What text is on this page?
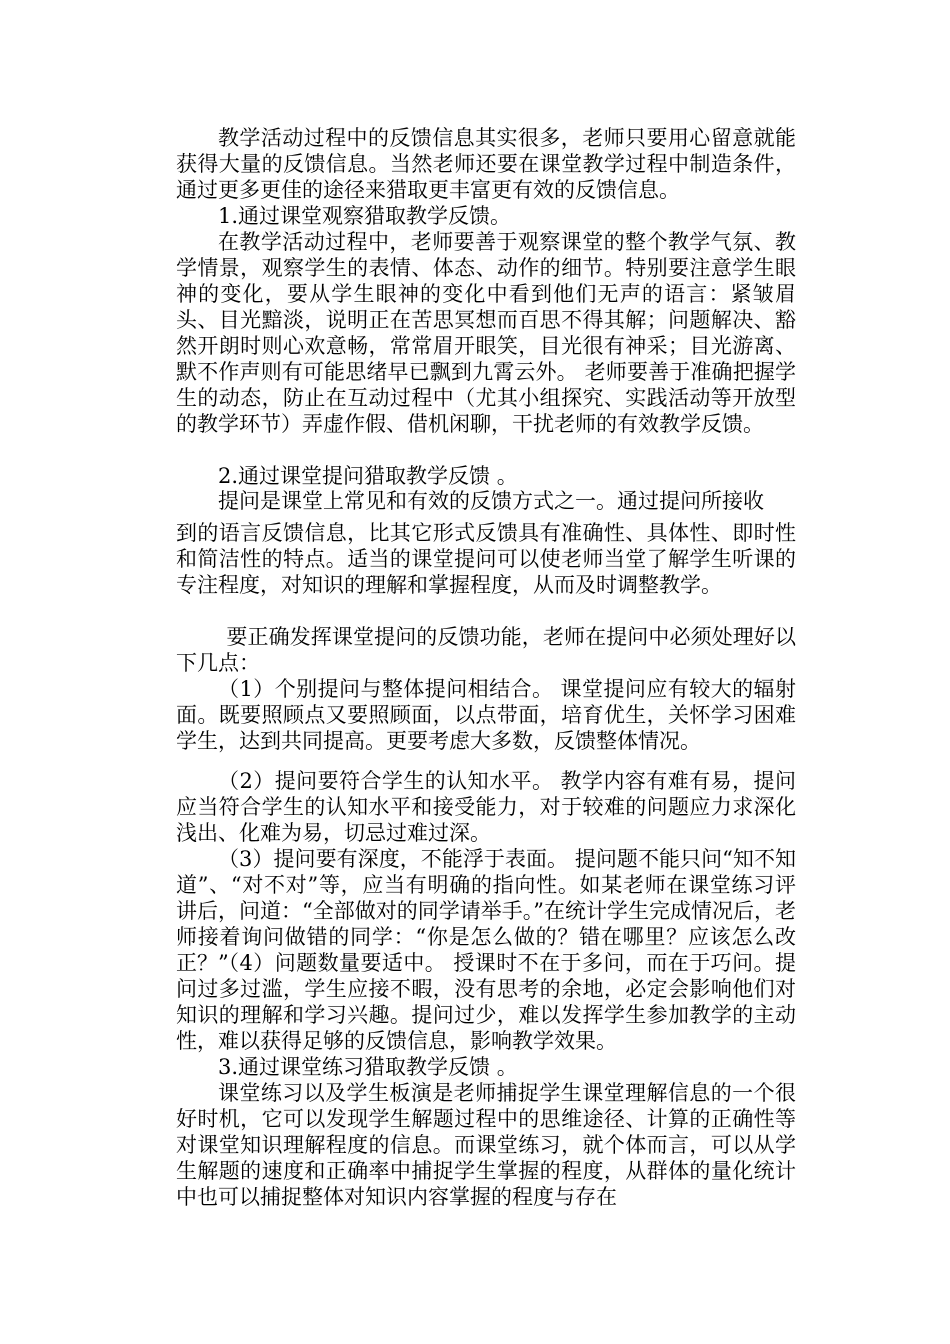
教学活动过程中的反馈信息其实很多，老师只要用心留意就能获得大量的反馈信息。当然老师还要在课堂教学过程中制造条件，通过更多更佳的途径来猎取更丰富更有效的反馈信息。

1.通过课堂观察猎取教学反馈。

在教学活动过程中，老师要善于观察课堂的整个教学气氛、教学情景，观察学生的表情、体态、动作的细节。特别要注意学生眼神的变化，要从学生眼神的变化中看到他们无声的语言：紧皱眉头、目光黯淡，说明正在苦思冥想而百思不得其解；问题解决、豁然开朗时则心欢意畅，常常眉开眼笑，目光很有神采；目光游离、默不作声则有可能思绪早已飘到九霄云外。 老师要善于准确把握学生的动态，防止在互动过程中（尤其小组探究、实践活动等开放型的教学环节）弄虚作假、借机闲聊，干扰老师的有效教学反馈。

2.通过课堂提问猎取教学反馈 。

提问是课堂上常见和有效的反馈方式之一。通过提问所接收

到的语言反馈信息，比其它形式反馈具有准确性、具体性、即时性和简洁性的特点。适当的课堂提问可以使老师当堂了解学生听课的专注程度，对知识的理解和掌握程度，从而及时调整教学。

要正确发挥课堂提问的反馈功能，老师在提问中必须处理好以下几点：

（1）个别提问与整体提问相结合。 课堂提问应有较大的辐射面。既要照顾点又要照顾面，以点带面，培育优生，关怀学习困难学生，达到共同提高。更要考虑大多数，反馈整体情况。

（2）提问要符合学生的认知水平。 教学内容有难有易，提问应当符合学生的认知水平和接受能力，对于较难的问题应力求深化浅出、化难为易，切忌过难过深。

（3）提问要有深度，不能浮于表面。 提问题不能只问“知不知道”、“对不对”等，应当有明确的指向性。如某老师在课堂练习评讲后，问道：“全部做对的同学请举手。”在统计学生完成情况后，老师接着询问做错的同学：“你是怎么做的？错在哪里？应该怎么改正？”

（4）问题数量要适中。 授课时不在于多问，而在于巧问。提问过多过滥，学生应接不暇，没有思考的余地，必定会影响他们对知识的理解和学习兴趣。提问过少，难以发挥学生参加教学的主动性，难以获得足够的反馈信息，影响教学效果。

3.通过课堂练习猎取教学反馈 。

课堂练习以及学生板演是老师捕捉学生课堂理解信息的一个很好时机，它可以发现学生解题过程中的思维途径、计算的正确性等对课堂知识理解程度的信息。而课堂练习，就个体而言，可以从学生解题的速度和正确率中捕捉学生掌握的程度，从群体的量化统计中也可以捕捉整体对知识内容掌握的程度与存在
